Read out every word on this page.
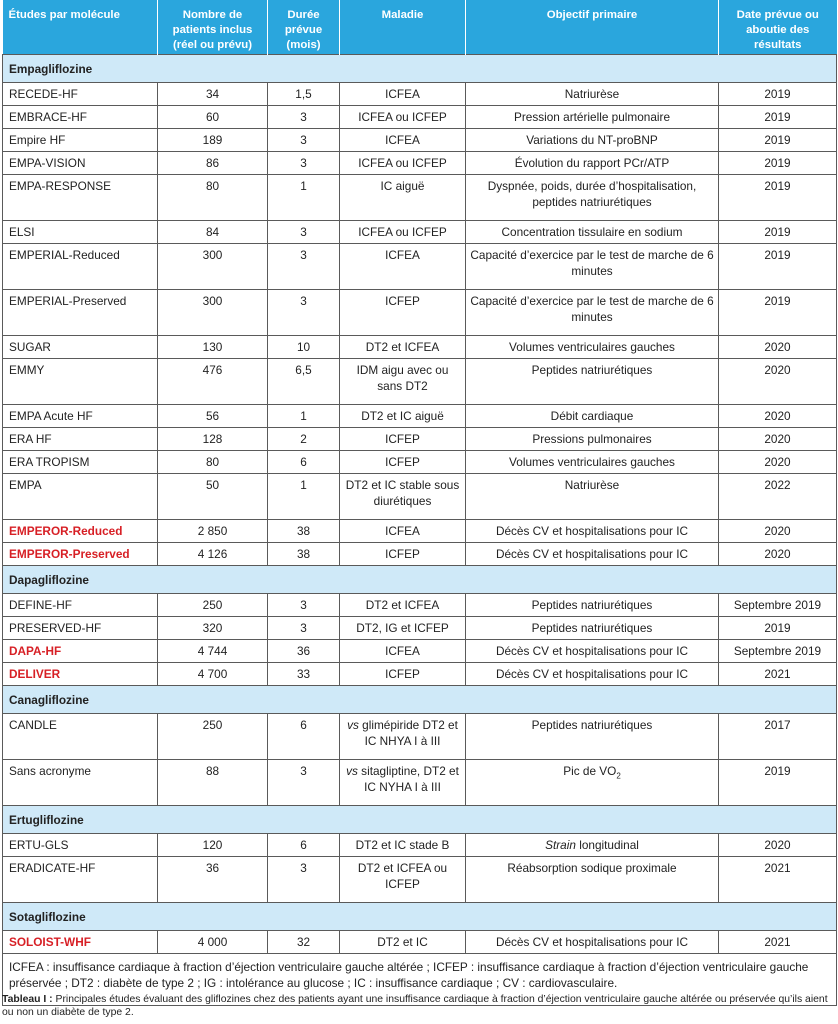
Études par molécule	Nombre de patients inclus (réel ou prévu)	Durée prévue (mois)	Maladie	Objectif primaire	Date prévue ou aboutie des résultats
Empagliflozine					
RECEDE-HF	34	1,5	ICFEA	Natriurèse	2019
EMBRACE-HF	60	3	ICFEA ou ICFEP	Pression artérielle pulmonaire	2019
Empire HF	189	3	ICFEA	Variations du NT-proBNP	2019
EMPA-VISION	86	3	ICFEA ou ICFEP	Évolution du rapport PCr/ATP	2019
EMPA-RESPONSE	80	1	IC aiguë	Dyspnée, poids, durée d’hospitalisation, peptides natriurétiques	2019
ELSI	84	3	ICFEA ou ICFEP	Concentration tissulaire en sodium	2019
EMPERIAL-Reduced	300	3	ICFEA	Capacité d’exercice par le test de marche de 6 minutes	2019
EMPERIAL-Preserved	300	3	ICFEP	Capacité d’exercice par le test de marche de 6 minutes	2019
SUGAR	130	10	DT2 et ICFEA	Volumes ventriculaires gauches	2020
EMMY	476	6,5	IDM aigu avec ou sans DT2	Peptides natriurétiques	2020
EMPA Acute HF	56	1	DT2 et IC aiguë	Débit cardiaque	2020
ERA HF	128	2	ICFEP	Pressions pulmonaires	2020
ERA TROPISM	80	6	ICFEP	Volumes ventriculaires gauches	2020
EMPA	50	1	DT2 et IC stable sous diurétiques	Natriurèse	2022
EMPEROR-Reduced	2 850	38	ICFEA	Décès CV et hospitalisations pour IC	2020
EMPEROR-Preserved	4 126	38	ICFEP	Décès CV et hospitalisations pour IC	2020
Dapagliflozine					
DEFINE-HF	250	3	DT2 et ICFEA	Peptides natriurétiques	Septembre 2019
PRESERVED-HF	320	3	DT2, IG et ICFEP	Peptides natriurétiques	2019
DAPA-HF	4 744	36	ICFEA	Décès CV et hospitalisations pour IC	Septembre 2019
DELIVER	4 700	33	ICFEP	Décès CV et hospitalisations pour IC	2021
Canagliflozine					
CANDLE	250	6	vs glimépiride DT2 et IC NHYA I à III	Peptides natriurétiques	2017
Sans acronyme	88	3	vs sitagliptine, DT2 et IC NYHA I à III	Pic de $VO_2$	2019
Ertugliflozine					
ERTU-GLS	120	6	DT2 et IC stade B	Strain longitudinal	2020
ERADICATE-HF	36	3	DT2 et ICFEA ou ICFEP	Réabsorption sodique proximale	2021
Sotagliflozine					
SOLOIST-WHF	4 000	32	DT2 et IC	Décès CV et hospitalisations pour IC	2021
ICFEA : insuffisance cardiaque à fraction d’éjection ventriculaire gauche altérée ; ICFEP : insuffisance cardiaque à fraction d’éjection ventriculaire gauche préservée ; DT2 : diabète de type 2 ; IG : intolérance au glucose ; IC : insuffisance cardiaque ; CV : cardiovasculaire.					
Tableau I : Principales études évaluant des gliflozines chez des patients ayant une insuffisance cardiaque à fraction d’éjection ventriculaire gauche altérée ou préservée qu’ils aient ou non un diabète de type 2.
